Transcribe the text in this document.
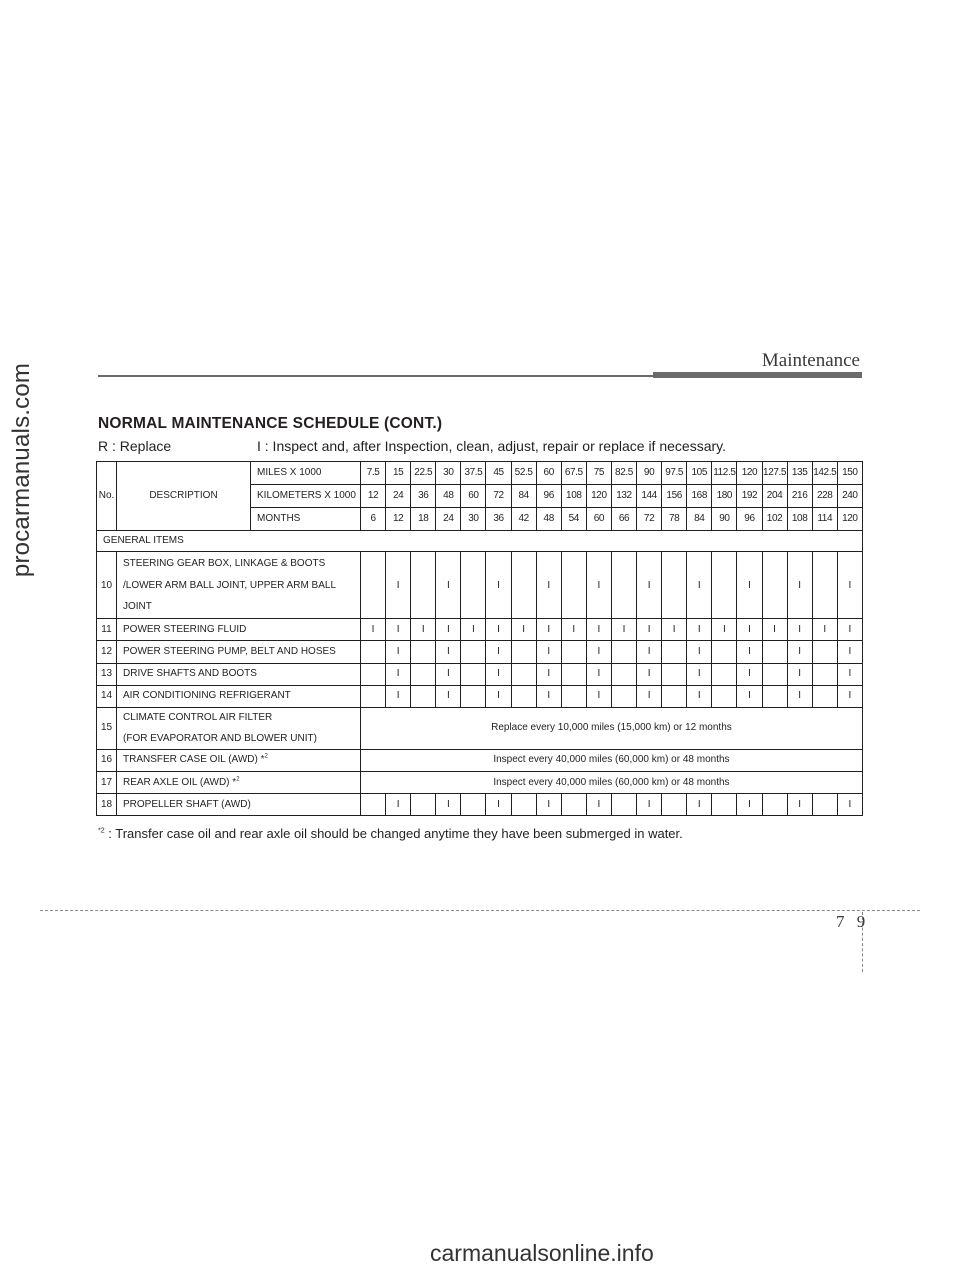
procarmanuals.com
Maintenance
NORMAL MAINTENANCE SCHEDULE (CONT.)
R : Replace	I : Inspect and, after Inspection, clean, adjust, repair or replace if necessary.
No.	DESCRIPTION	MILES X 1000	7.5	15	22.5	30	37.5	45	52.5	60	67.5	75	82.5	90	97.5	105	112.5	120	127.5	135	142.5	150
		KILOMETERS X 1000	12	24	36	48	60	72	84	96	108	120	132	144	156	168	180	192	204	216	228	240
		MONTHS	6	12	18	24	30	36	42	48	54	60	66	72	78	84	90	96	102	108	114	120
GENERAL ITEMS																						
10	STEERING GEAR BOX, LINKAGE & BOOTS
/LOWER ARM BALL JOINT, UPPER ARM BALL
JOINT			I		I		I		I		I		I		I		I		I		I
11	POWER STEERING FLUID		I	I	I	I	I	I	I	I	I	I	I	I	I	I	I	I	I	I	I	I
12	POWER STEERING PUMP, BELT AND HOSES			I		I		I		I		I		I		I		I		I		I
13	DRIVE SHAFTS AND BOOTS			I		I		I		I		I		I		I		I		I		I
14	AIR CONDITIONING REFRIGERANT			I		I		I		I		I		I		I		I		I		I
15	CLIMATE CONTROL AIR FILTER
(FOR EVAPORATOR AND BLOWER UNIT)		Replace every 10,000 miles (15,000 km) or 12 months																			
16	TRANSFER CASE OIL (AWD) *$^2$		Inspect every 40,000 miles (60,000 km) or 48 months																			
17	REAR AXLE OIL (AWD) *$^2$		Inspect every 40,000 miles (60,000 km) or 48 months																			
18	PROPELLER SHAFT (AWD)			I		I		I		I		I		I		I		I		I		I
$^{*2}$ : Transfer case oil and rear axle oil should be changed anytime they have been submerged in water.
7 9
carmanualsonline.info
